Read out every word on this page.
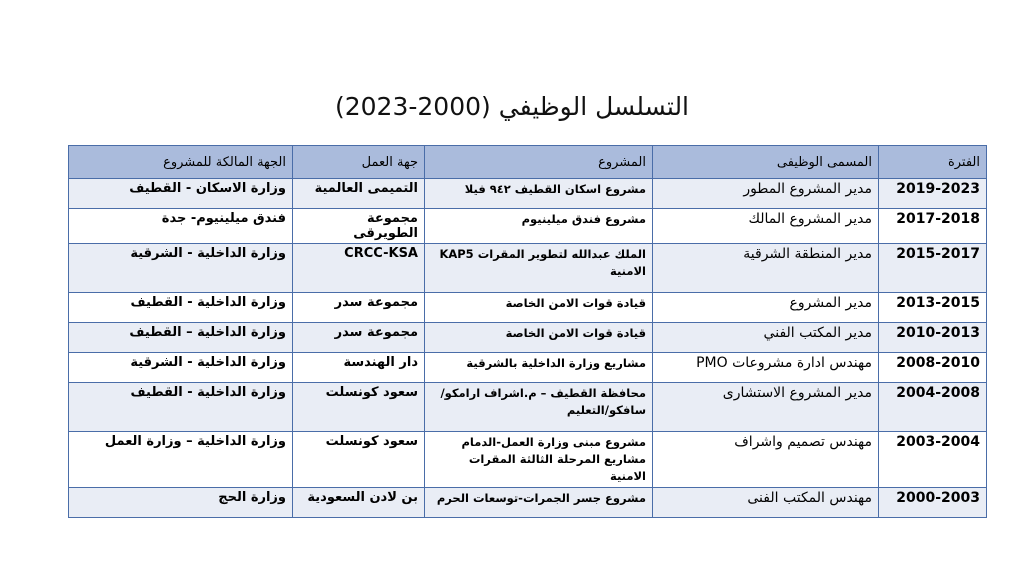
التسلسل الوظيفي (2000-2023)
الفترة	المسمى الوظيفى	المشروع	جهة العمل	الجهة المالكة للمشروع
2019-2023	مدير المشروع المطور	مشروع اسكان القطيف ٩٤٢ فيلا	التميمى العالمية	وزارة الاسكان - القطيف
2017-2018	مدير المشروع المالك	مشروع فندق ميلينيوم	مجموعة الطويرقى	فندق ميلينيوم- جدة
2015-2017	مدير المنطقة الشرقية	الملك عبدالله لتطوير المقرات KAP5 الامنية	CRCC-KSA	وزارة الداخلية - الشرقية
2013-2015	مدير المشروع	قيادة قوات الامن الخاصة	مجموعة سدر	وزارة الداخلية - القطيف
2010-2013	مدير المكتب الفني	قيادة قوات الامن الخاصة	مجموعة سدر	وزارة الداخلية – القطيف
2008-2010	مهندس ادارة مشروعات PMO	مشاريع وزارة الداخلية بالشرقية	دار الهندسة	وزارة الداخلية - الشرقية
2004-2008	مدير المشروع الاستشارى	محافظة القطيف – م.اشراف ارامكو/سافكو/التعليم	سعود كونسلت	وزارة الداخلية - القطيف
2003-2004	مهندس تصميم واشراف	مشروع مبنى وزارة العمل-الدمام مشاريع المرحلة الثالثة المقرات الامنية	سعود كونسلت	وزارة الداخلية – وزارة العمل
2000-2003	مهندس المكتب الفنى	مشروع جسر الجمرات-توسعات الحرم	بن لادن السعودية	وزارة الحج
